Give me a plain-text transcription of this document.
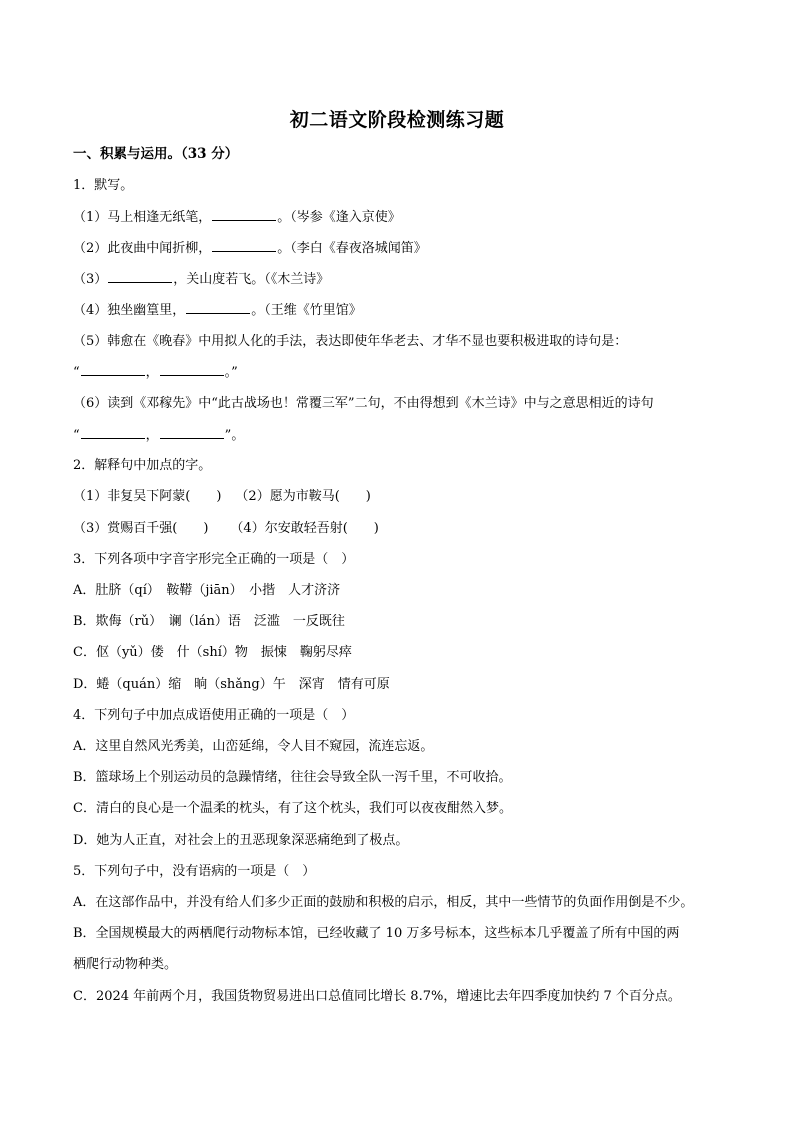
初二语文阶段检测练习题
一、积累与运用。（33 分）
1．默写。
（1）马上相逢无纸笔，	。（岑参《逢入京使》
（2）此夜曲中闻折柳，	。（李白《春夜洛城闻笛》
（3）	，关山度若飞。（《木兰诗》
（4）独坐幽篁里，	。（王维《竹里馆》
（5）韩愈在《晚春》中用拟人化的手法，表达即使年华老去、才华不显也要积极进取的诗句是：
“	，	。”
（6）读到《邓稼先》中“此古战场也！常覆三军”二句，不由得想到《木兰诗》中与之意思相近的诗句
“	，	”。
2．解释句中加点的字。
（1）非复吴下阿蒙(　　) （2）愿为市鞍马(　　)
（3）赏赐百千强(　　) （4）尔安敢轻吾射(　　)
3．下列各项中字音字形完全正确的一项是（　）
A．肚脐（qí）　鞍鞯（jiān）　小揩　人才济济
B．欺侮（rǔ）　谰（lán）语　泛滥　一反既往
C．伛（yǔ）偻　什（shí）物　振悚　鞠躬尽瘁
D．蜷（quán）缩　晌（shǎng）午　深宵　情有可原
4．下列句子中加点成语使用正确的一项是（　）
A．这里自然风光秀美，山峦延绵，令人目不窥园，流连忘返。
B．篮球场上个别运动员的急躁情绪，往往会导致全队一泻千里，不可收拾。
C．清白的良心是一个温柔的枕头，有了这个枕头，我们可以夜夜酣然入梦。
D．她为人正直，对社会上的丑恶现象深恶痛绝到了极点。
5．下列句子中，没有语病的一项是（　）
A．在这部作品中，并没有给人们多少正面的鼓励和积极的启示，相反，其中一些情节的负面作用倒是不少。
B．全国规模最大的两栖爬行动物标本馆，已经收藏了 10 万多号标本，这些标本几乎覆盖了所有中国的两
栖爬行动物种类。
C．2024 年前两个月，我国货物贸易进出口总值同比增长 8.7%，增速比去年四季度加快约 7 个百分点。
